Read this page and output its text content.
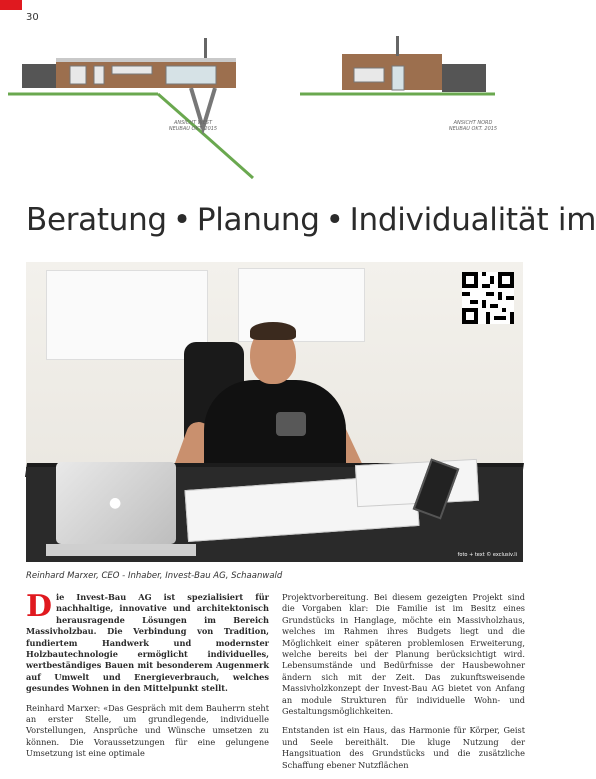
30
ANSICHT WEST
NEUBAU OKT. 2015
ANSICHT NORD
NEUBAU OKT. 2015
Beratung • Planung • Individualität im
●
foto + text © exclusiv.li
Reinhard Marxer, CEO - Inhaber, Invest-Bau AG, Schaanwald

Die Invest-Bau AG ist spezialisiert für nachhaltige, innovative und architektonisch herausragende Lösungen im Bereich Massivholzbau. Die Verbindung von Tradition, fundiertem Handwerk und modernster Holzbautechnologie ermöglicht individuelles, wertbeständiges Bauen mit besonderem Augenmerk auf Umwelt und Energieverbrauch, welches gesundes Wohnen in den Mittelpunkt stellt.

Reinhard Marxer: «Das Gespräch mit dem Bauherrn steht an erster Stelle, um grundlegende, individuelle Vorstellungen, Ansprüche und Wünsche umsetzen zu können. Die Voraussetzungen für eine gelungene Umsetzung ist eine optimale

Projektvorbereitung. Bei diesem gezeigten Projekt sind die Vorgaben klar: Die Familie ist im Besitz eines Grundstücks in Hanglage, möchte ein Massivholzhaus, welches im Rahmen ihres Budgets liegt und die Möglichkeit einer späteren problemlosen Erweiterung, welche bereits bei der Planung berücksichtigt wird. Lebensumstände und Bedürfnisse der Hausbewohner ändern sich mit der Zeit. Das zukunftsweisende Massivholzkonzept der Invest-Bau AG bietet von Anfang an module Strukturen für individuelle Wohn- und Gestaltungsmöglichkeiten.

Entstanden ist ein Haus, das Harmonie für Körper, Geist und Seele bereithält. Die kluge Nutzung der Hangsituation des Grundstücks und die zusätzliche Schaffung ebener Nutzflächen
